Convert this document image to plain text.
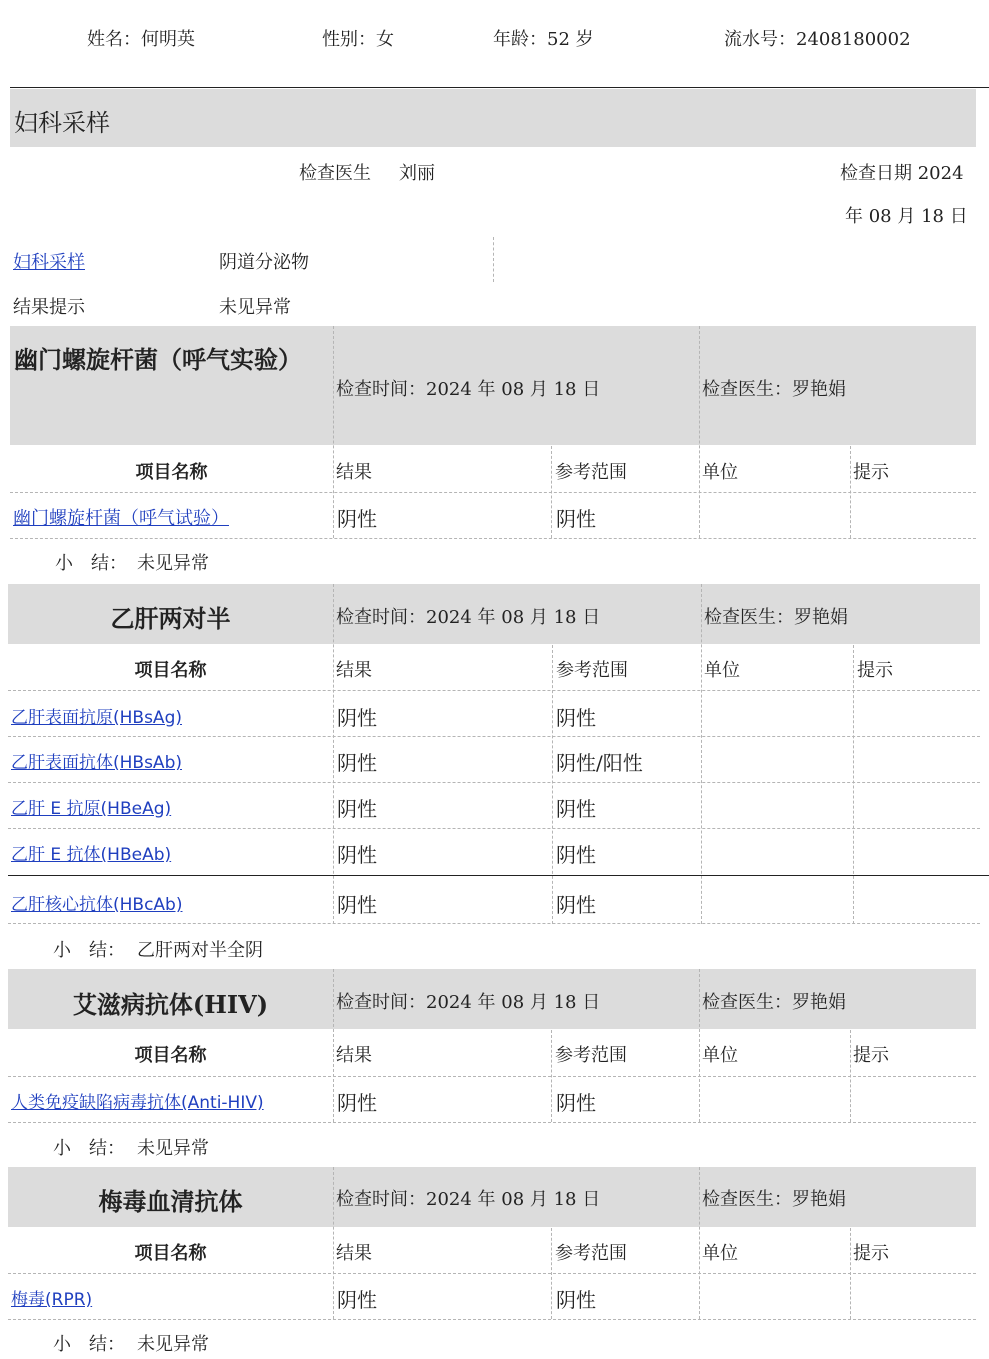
姓名：何明英	性别：女	年龄：52 岁	流水号：2408180002
妇科采样
检查医生 刘丽	检查日期 2024
年 08 月 18 日
妇科采样	阴道分泌物
结果提示	未见异常
幽门螺旋杆菌（呼气实验）
检查时间：2024 年 08 月 18 日	检查医生：罗艳娟
项目名称	结果	参考范围	单位	提示
幽门螺旋杆菌（呼气试验）	阴性	阴性
小　结： 未见异常
乙肝两对半	检查时间：2024 年 08 月 18 日	检查医生：罗艳娟
项目名称	结果	参考范围	单位	提示
乙肝表面抗原(HBsAg)	阴性	阴性
乙肝表面抗体(HBsAb)	阴性	阴性/阳性
乙肝 E 抗原(HBeAg)	阴性	阴性
乙肝 E 抗体(HBeAb)	阴性	阴性
乙肝核心抗体(HBcAb)	阴性	阴性
小　结： 乙肝两对半全阴
艾滋病抗体(HIV)	检查时间：2024 年 08 月 18 日	检查医生：罗艳娟
项目名称	结果	参考范围	单位	提示
人类免疫缺陷病毒抗体(Anti-HIV)	阴性	阴性
小　结： 未见异常
梅毒血清抗体	检查时间：2024 年 08 月 18 日	检查医生：罗艳娟
项目名称	结果	参考范围	单位	提示
梅毒(RPR)	阴性	阴性
小　结： 未见异常
